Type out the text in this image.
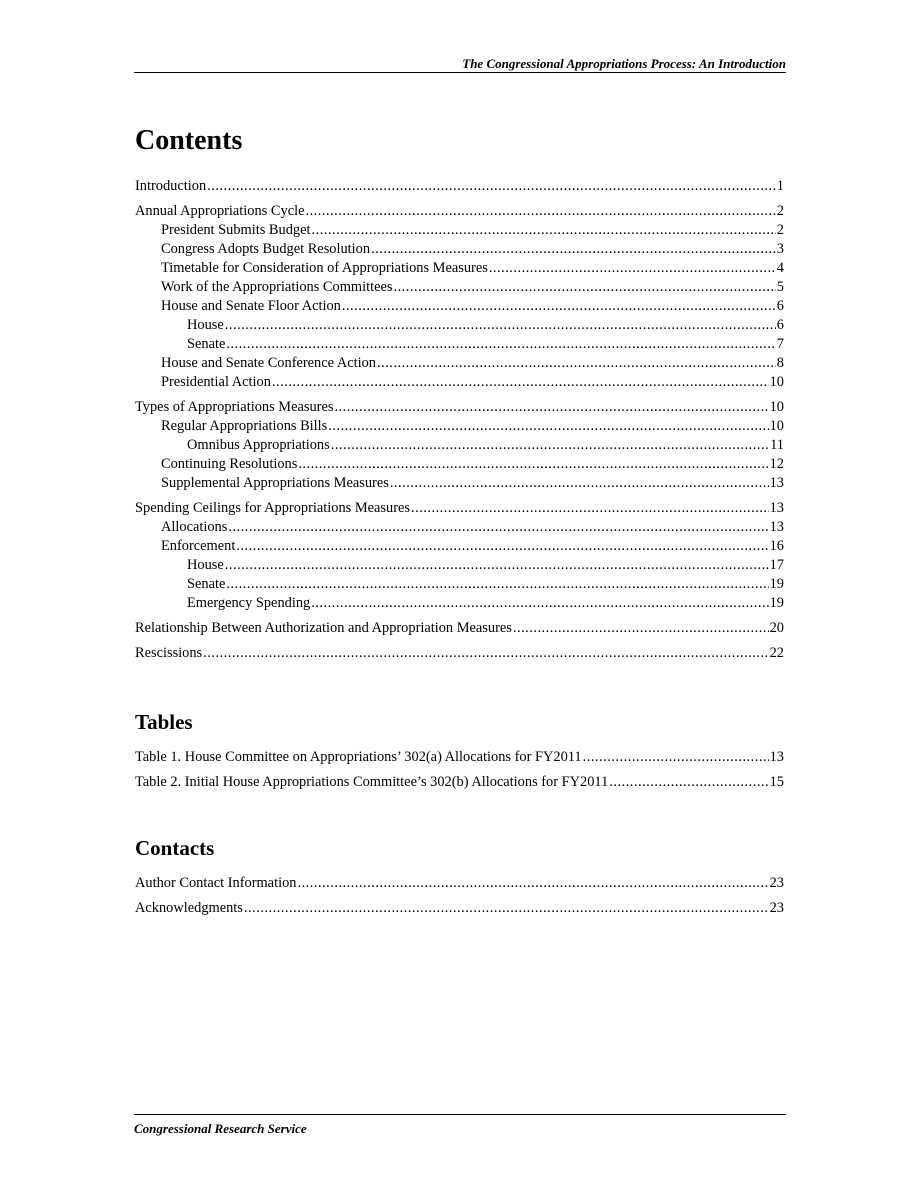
The Congressional Appropriations Process: An Introduction
Contents
Introduction .....	1
Annual Appropriations Cycle .....	2
President Submits Budget .....	2
Congress Adopts Budget Resolution .....	3
Timetable for Consideration of Appropriations Measures .....	4
Work of the Appropriations Committees .....	5
House and Senate Floor Action .....	6
House .....	6
Senate .....	7
House and Senate Conference Action .....	8
Presidential Action .....	10
Types of Appropriations Measures .....	10
Regular Appropriations Bills .....	10
Omnibus Appropriations .....	11
Continuing Resolutions .....	12
Supplemental Appropriations Measures .....	13
Spending Ceilings for Appropriations Measures .....	13
Allocations .....	13
Enforcement .....	16
House .....	17
Senate .....	19
Emergency Spending .....	19
Relationship Between Authorization and Appropriation Measures .....	20
Rescissions .....	22
Tables
Table 1. House Committee on Appropriations’ 302(a) Allocations for FY2011 .....	13
Table 2. Initial House Appropriations Committee’s 302(b) Allocations for FY2011 .....	15
Contacts
Author Contact Information .....	23
Acknowledgments .....	23
Congressional Research Service
